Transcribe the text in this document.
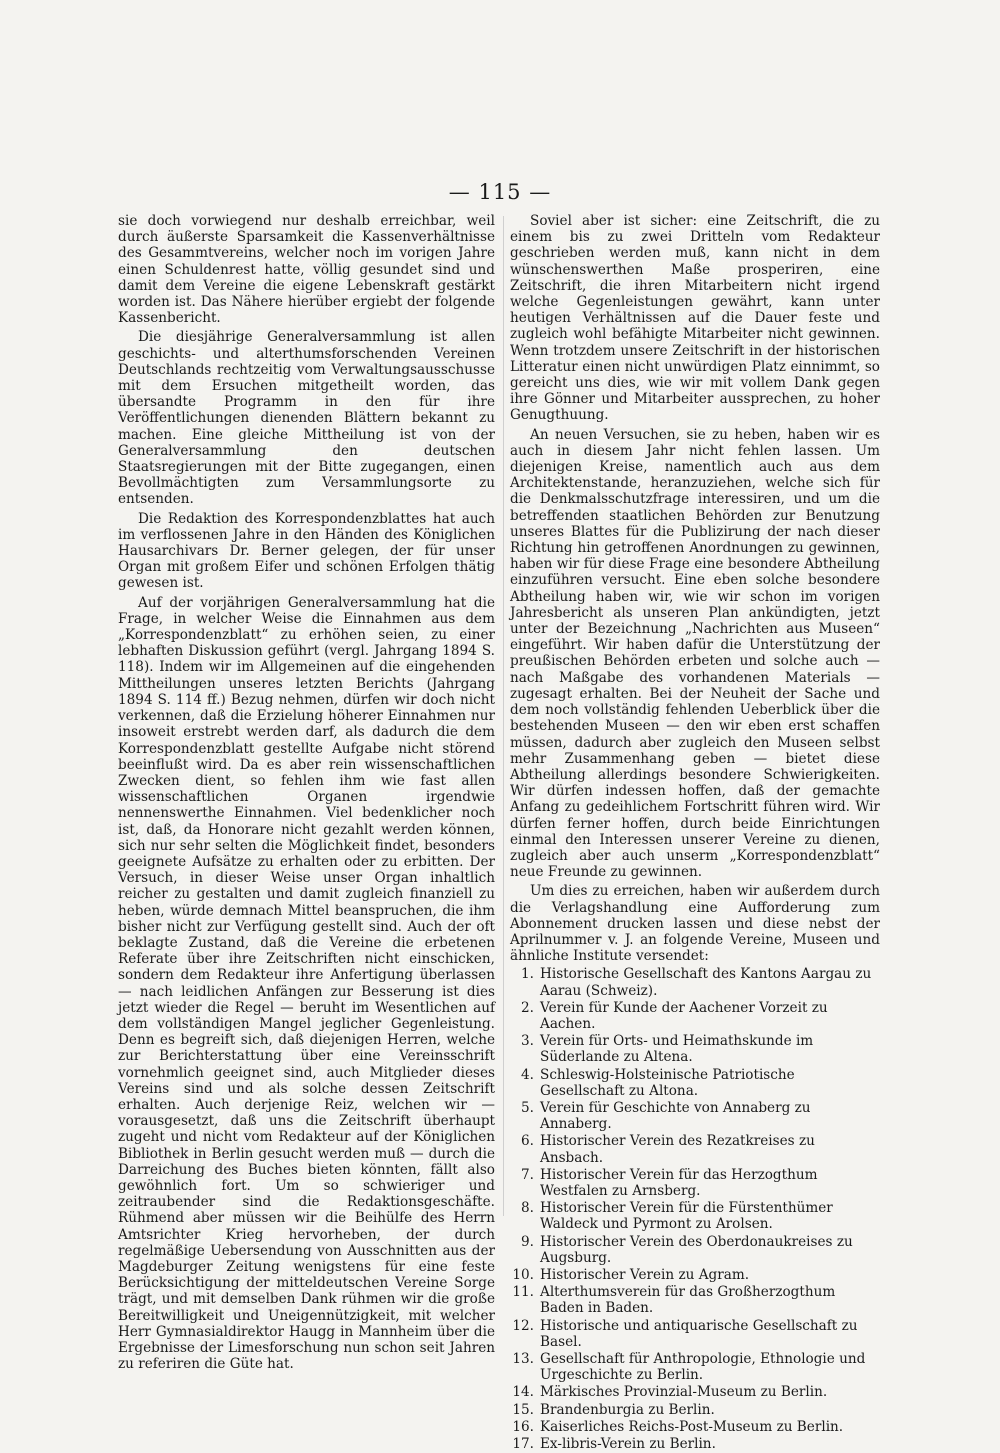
— 115 —

sie doch vorwiegend nur deshalb erreichbar, weil durch äußerste Sparsamkeit die Kassenverhältnisse des Gesammtvereins, welcher noch im vorigen Jahre einen Schuldenrest hatte, völlig gesundet sind und damit dem Vereine die eigene Lebenskraft gestärkt worden ist. Das Nähere hierüber ergiebt der folgende Kassenbericht.

Die diesjährige Generalversammlung ist allen geschichts- und alterthumsforschenden Vereinen Deutschlands rechtzeitig vom Verwaltungsausschusse mit dem Ersuchen mitgetheilt worden, das übersandte Programm in den für ihre Veröffentlichungen dienenden Blättern bekannt zu machen. Eine gleiche Mittheilung ist von der Generalversammlung den deutschen Staatsregierungen mit der Bitte zugegangen, einen Bevollmächtigten zum Versammlungsorte zu entsenden.

Die Redaktion des Korrespondenzblattes hat auch im verflossenen Jahre in den Händen des Königlichen Hausarchivars Dr. Berner gelegen, der für unser Organ mit großem Eifer und schönen Erfolgen thätig gewesen ist.

Auf der vorjährigen Generalversammlung hat die Frage, in welcher Weise die Einnahmen aus dem „Korrespondenzblatt“ zu erhöhen seien, zu einer lebhaften Diskussion geführt (vergl. Jahrgang 1894 S. 118). Indem wir im Allgemeinen auf die eingehenden Mittheilungen unseres letzten Berichts (Jahrgang 1894 S. 114 ff.) Bezug nehmen, dürfen wir doch nicht verkennen, daß die Erzielung höherer Einnahmen nur insoweit erstrebt werden darf, als dadurch die dem Korrespondenzblatt gestellte Aufgabe nicht störend beeinflußt wird. Da es aber rein wissenschaftlichen Zwecken dient, so fehlen ihm wie fast allen wissenschaftlichen Organen irgendwie nennenswerthe Einnahmen. Viel bedenklicher noch ist, daß, da Honorare nicht gezahlt werden können, sich nur sehr selten die Möglichkeit findet, besonders geeignete Aufsätze zu erhalten oder zu erbitten. Der Versuch, in dieser Weise unser Organ inhaltlich reicher zu gestalten und damit zugleich finanziell zu heben, würde demnach Mittel beanspruchen, die ihm bisher nicht zur Verfügung gestellt sind. Auch der oft beklagte Zustand, daß die Vereine die erbetenen Referate über ihre Zeitschriften nicht einschicken, sondern dem Redakteur ihre Anfertigung überlassen — nach leidlichen Anfängen zur Besserung ist dies jetzt wieder die Regel — beruht im Wesentlichen auf dem vollständigen Mangel jeglicher Gegenleistung. Denn es begreift sich, daß diejenigen Herren, welche zur Berichterstattung über eine Vereinsschrift vornehmlich geeignet sind, auch Mitglieder dieses Vereins sind und als solche dessen Zeitschrift erhalten. Auch derjenige Reiz, welchen wir — vorausgesetzt, daß uns die Zeitschrift überhaupt zugeht und nicht vom Redakteur auf der Königlichen Bibliothek in Berlin gesucht werden muß — durch die Darreichung des Buches bieten könnten, fällt also gewöhnlich fort. Um so schwieriger und zeitraubender sind die Redaktionsgeschäfte. Rühmend aber müssen wir die Beihülfe des Herrn Amtsrichter Krieg hervorheben, der durch regelmäßige Uebersendung von Ausschnitten aus der Magdeburger Zeitung wenigstens für eine feste Berücksichtigung der mitteldeutschen Vereine Sorge trägt, und mit demselben Dank rühmen wir die große Bereitwilligkeit und Uneigennützigkeit, mit welcher Herr Gymnasialdirektor Haugg in Mannheim über die Ergebnisse der Limesforschung nun schon seit Jahren zu referiren die Güte hat.

Soviel aber ist sicher: eine Zeitschrift, die zu einem bis zu zwei Dritteln vom Redakteur geschrieben werden muß, kann nicht in dem wünschenswerthen Maße prosperiren, eine Zeitschrift, die ihren Mitarbeitern nicht irgend welche Gegenleistungen gewährt, kann unter heutigen Verhältnissen auf die Dauer feste und zugleich wohl befähigte Mitarbeiter nicht gewinnen. Wenn trotzdem unsere Zeitschrift in der historischen Litteratur einen nicht unwürdigen Platz einnimmt, so gereicht uns dies, wie wir mit vollem Dank gegen ihre Gönner und Mitarbeiter aussprechen, zu hoher Genugthuung.

An neuen Versuchen, sie zu heben, haben wir es auch in diesem Jahr nicht fehlen lassen. Um diejenigen Kreise, namentlich auch aus dem Architektenstande, heranzuziehen, welche sich für die Denkmalsschutzfrage interessiren, und um die betreffenden staatlichen Behörden zur Benutzung unseres Blattes für die Publizirung der nach dieser Richtung hin getroffenen Anordnungen zu gewinnen, haben wir für diese Frage eine besondere Abtheilung einzuführen versucht. Eine eben solche besondere Abtheilung haben wir, wie wir schon im vorigen Jahresbericht als unseren Plan ankündigten, jetzt unter der Bezeichnung „Nachrichten aus Museen“ eingeführt. Wir haben dafür die Unterstützung der preußischen Behörden erbeten und solche auch — nach Maßgabe des vorhandenen Materials — zugesagt erhalten. Bei der Neuheit der Sache und dem noch vollständig fehlenden Ueberblick über die bestehenden Museen — den wir eben erst schaffen müssen, dadurch aber zugleich den Museen selbst mehr Zusammenhang geben — bietet diese Abtheilung allerdings besondere Schwierigkeiten. Wir dürfen indessen hoffen, daß der gemachte Anfang zu gedeihlichem Fortschritt führen wird. Wir dürfen ferner hoffen, durch beide Einrichtungen einmal den Interessen unserer Vereine zu dienen, zugleich aber auch unserm „Korrespondenzblatt“ neue Freunde zu gewinnen.

Um dies zu erreichen, haben wir außerdem durch die Verlagshandlung eine Aufforderung zum Abonnement drucken lassen und diese nebst der Aprilnummer v. J. an folgende Vereine, Museen und ähnliche Institute versendet:

1. Historische Gesellschaft des Kantons Aargau zu Aarau (Schweiz).
2. Verein für Kunde der Aachener Vorzeit zu Aachen.
3. Verein für Orts- und Heimathskunde im Süderlande zu Altena.
4. Schleswig-Holsteinische Patriotische Gesellschaft zu Altona.
5. Verein für Geschichte von Annaberg zu Annaberg.
6. Historischer Verein des Rezatkreises zu Ansbach.
7. Historischer Verein für das Herzogthum Westfalen zu Arnsberg.
8. Historischer Verein für die Fürstenthümer Waldeck und Pyrmont zu Arolsen.
9. Historischer Verein des Oberdonaukreises zu Augsburg.
10. Historischer Verein zu Agram.
11. Alterthumsverein für das Großherzogthum Baden in Baden.
12. Historische und antiquarische Gesellschaft zu Basel.
13. Gesellschaft für Anthropologie, Ethnologie und Urgeschichte zu Berlin.
14. Märkisches Provinzial-Museum zu Berlin.
15. Brandenburgia zu Berlin.
16. Kaiserliches Reichs-Post-Museum zu Berlin.
17. Ex-libris-Verein zu Berlin.
